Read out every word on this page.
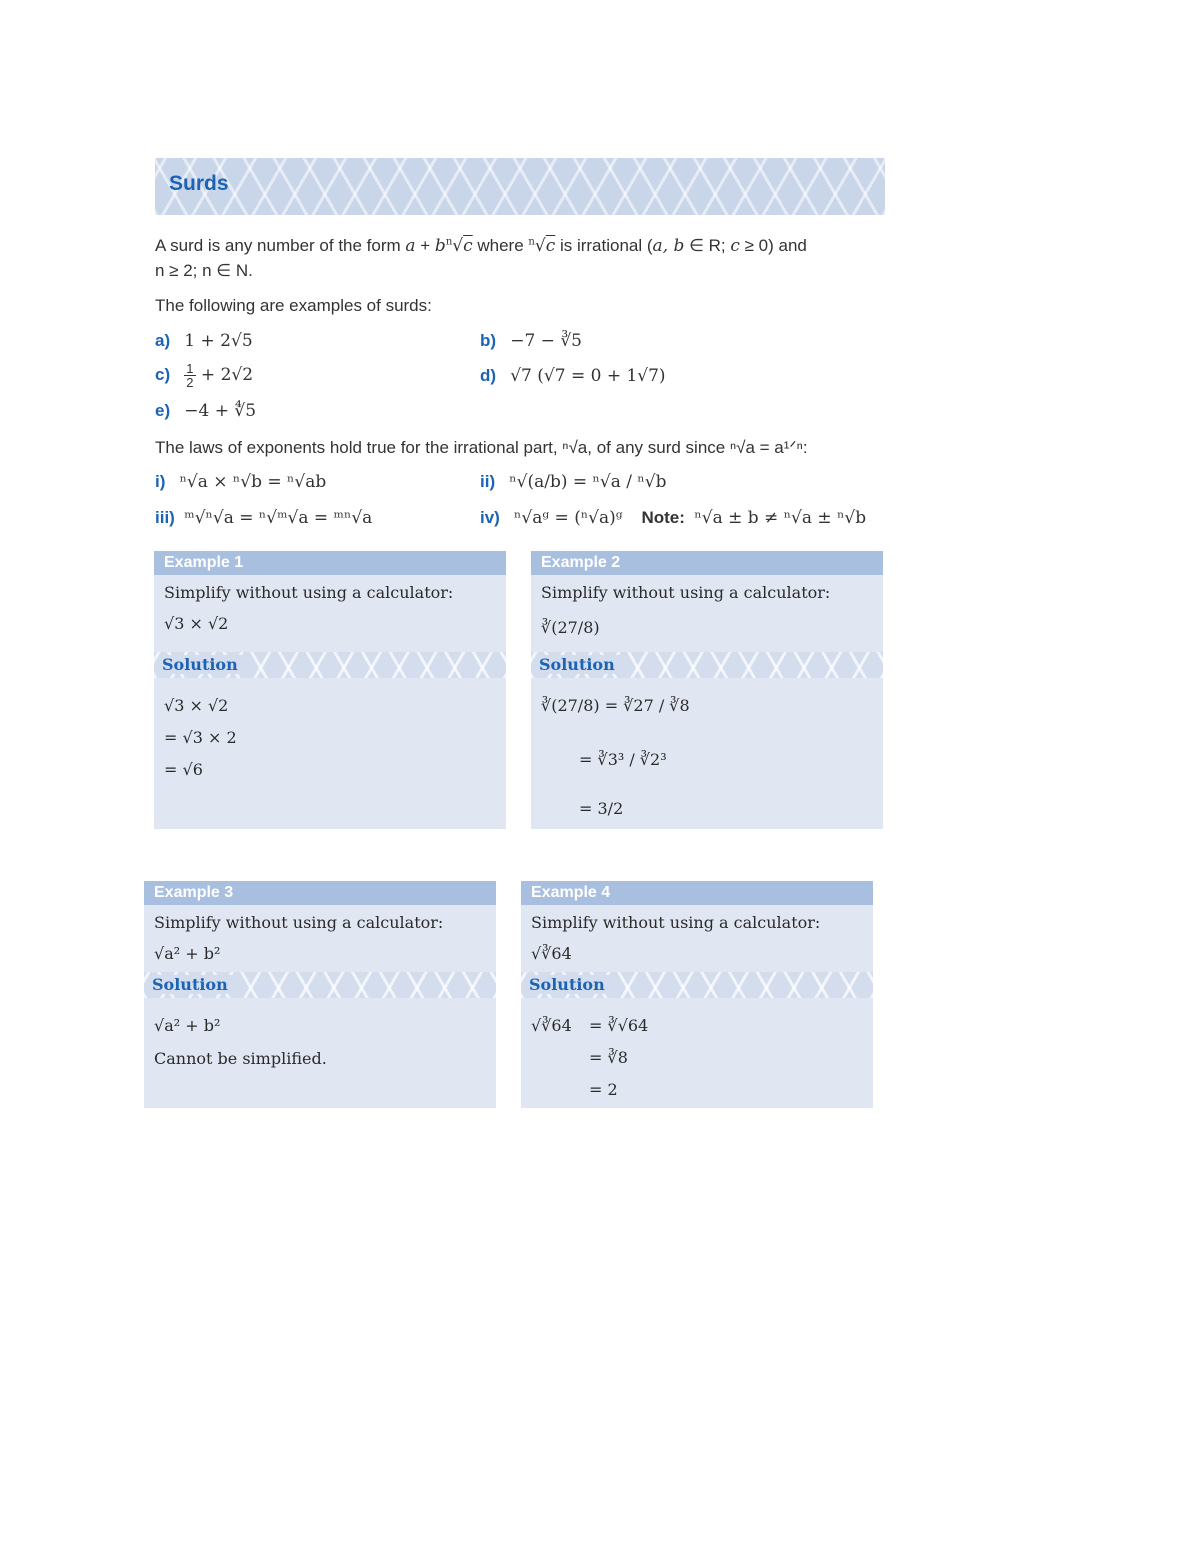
Surds
A surd is any number of the form $a + b^n√c$ where $^n$√c is irrational (a, b ∈ R; c ≥ 0) and
n ≥ 2; n ∈ N.
The following are examples of surds:
a) 1 + 2√5	b) −7 − ∛5
$c) \frac{1}{2} + 2√2$	d) √7 (√7 = 0 + 1√7)
e) −4 + ∜5
The laws of exponents hold true for the irrational part, ⁿ√a, of any surd since ⁿ√a = a¹ᐟⁿ:
i) ⁿ√a × ⁿ√b = ⁿ√ab	ii) ⁿ√(a/b) = ⁿ√a / ⁿ√b
iii) ᵐ√ⁿ√a = ⁿ√ᵐ√a = ᵐⁿ√a	iv) ⁿ√aᵍ = (ⁿ√a)ᵍ Note: ⁿ√a ± b ≠ ⁿ√a ± ⁿ√b
Example 1
Simplify without using a calculator:
√3 × √2
Solution
√3 × √2
= √3 × 2
= √6
Example 2
Simplify without using a calculator:
∛(27/8)
Solution
∛(27/8) = ∛27 / ∛8
= ∛3³ / ∛2³
= 3/2
Example 3
Simplify without using a calculator:
√a² + b²
Solution
√a² + b²
Cannot be simplified.
Example 4
Simplify without using a calculator:
√∛64
Solution
√∛64 = ∛√64
= ∛8
= 2
